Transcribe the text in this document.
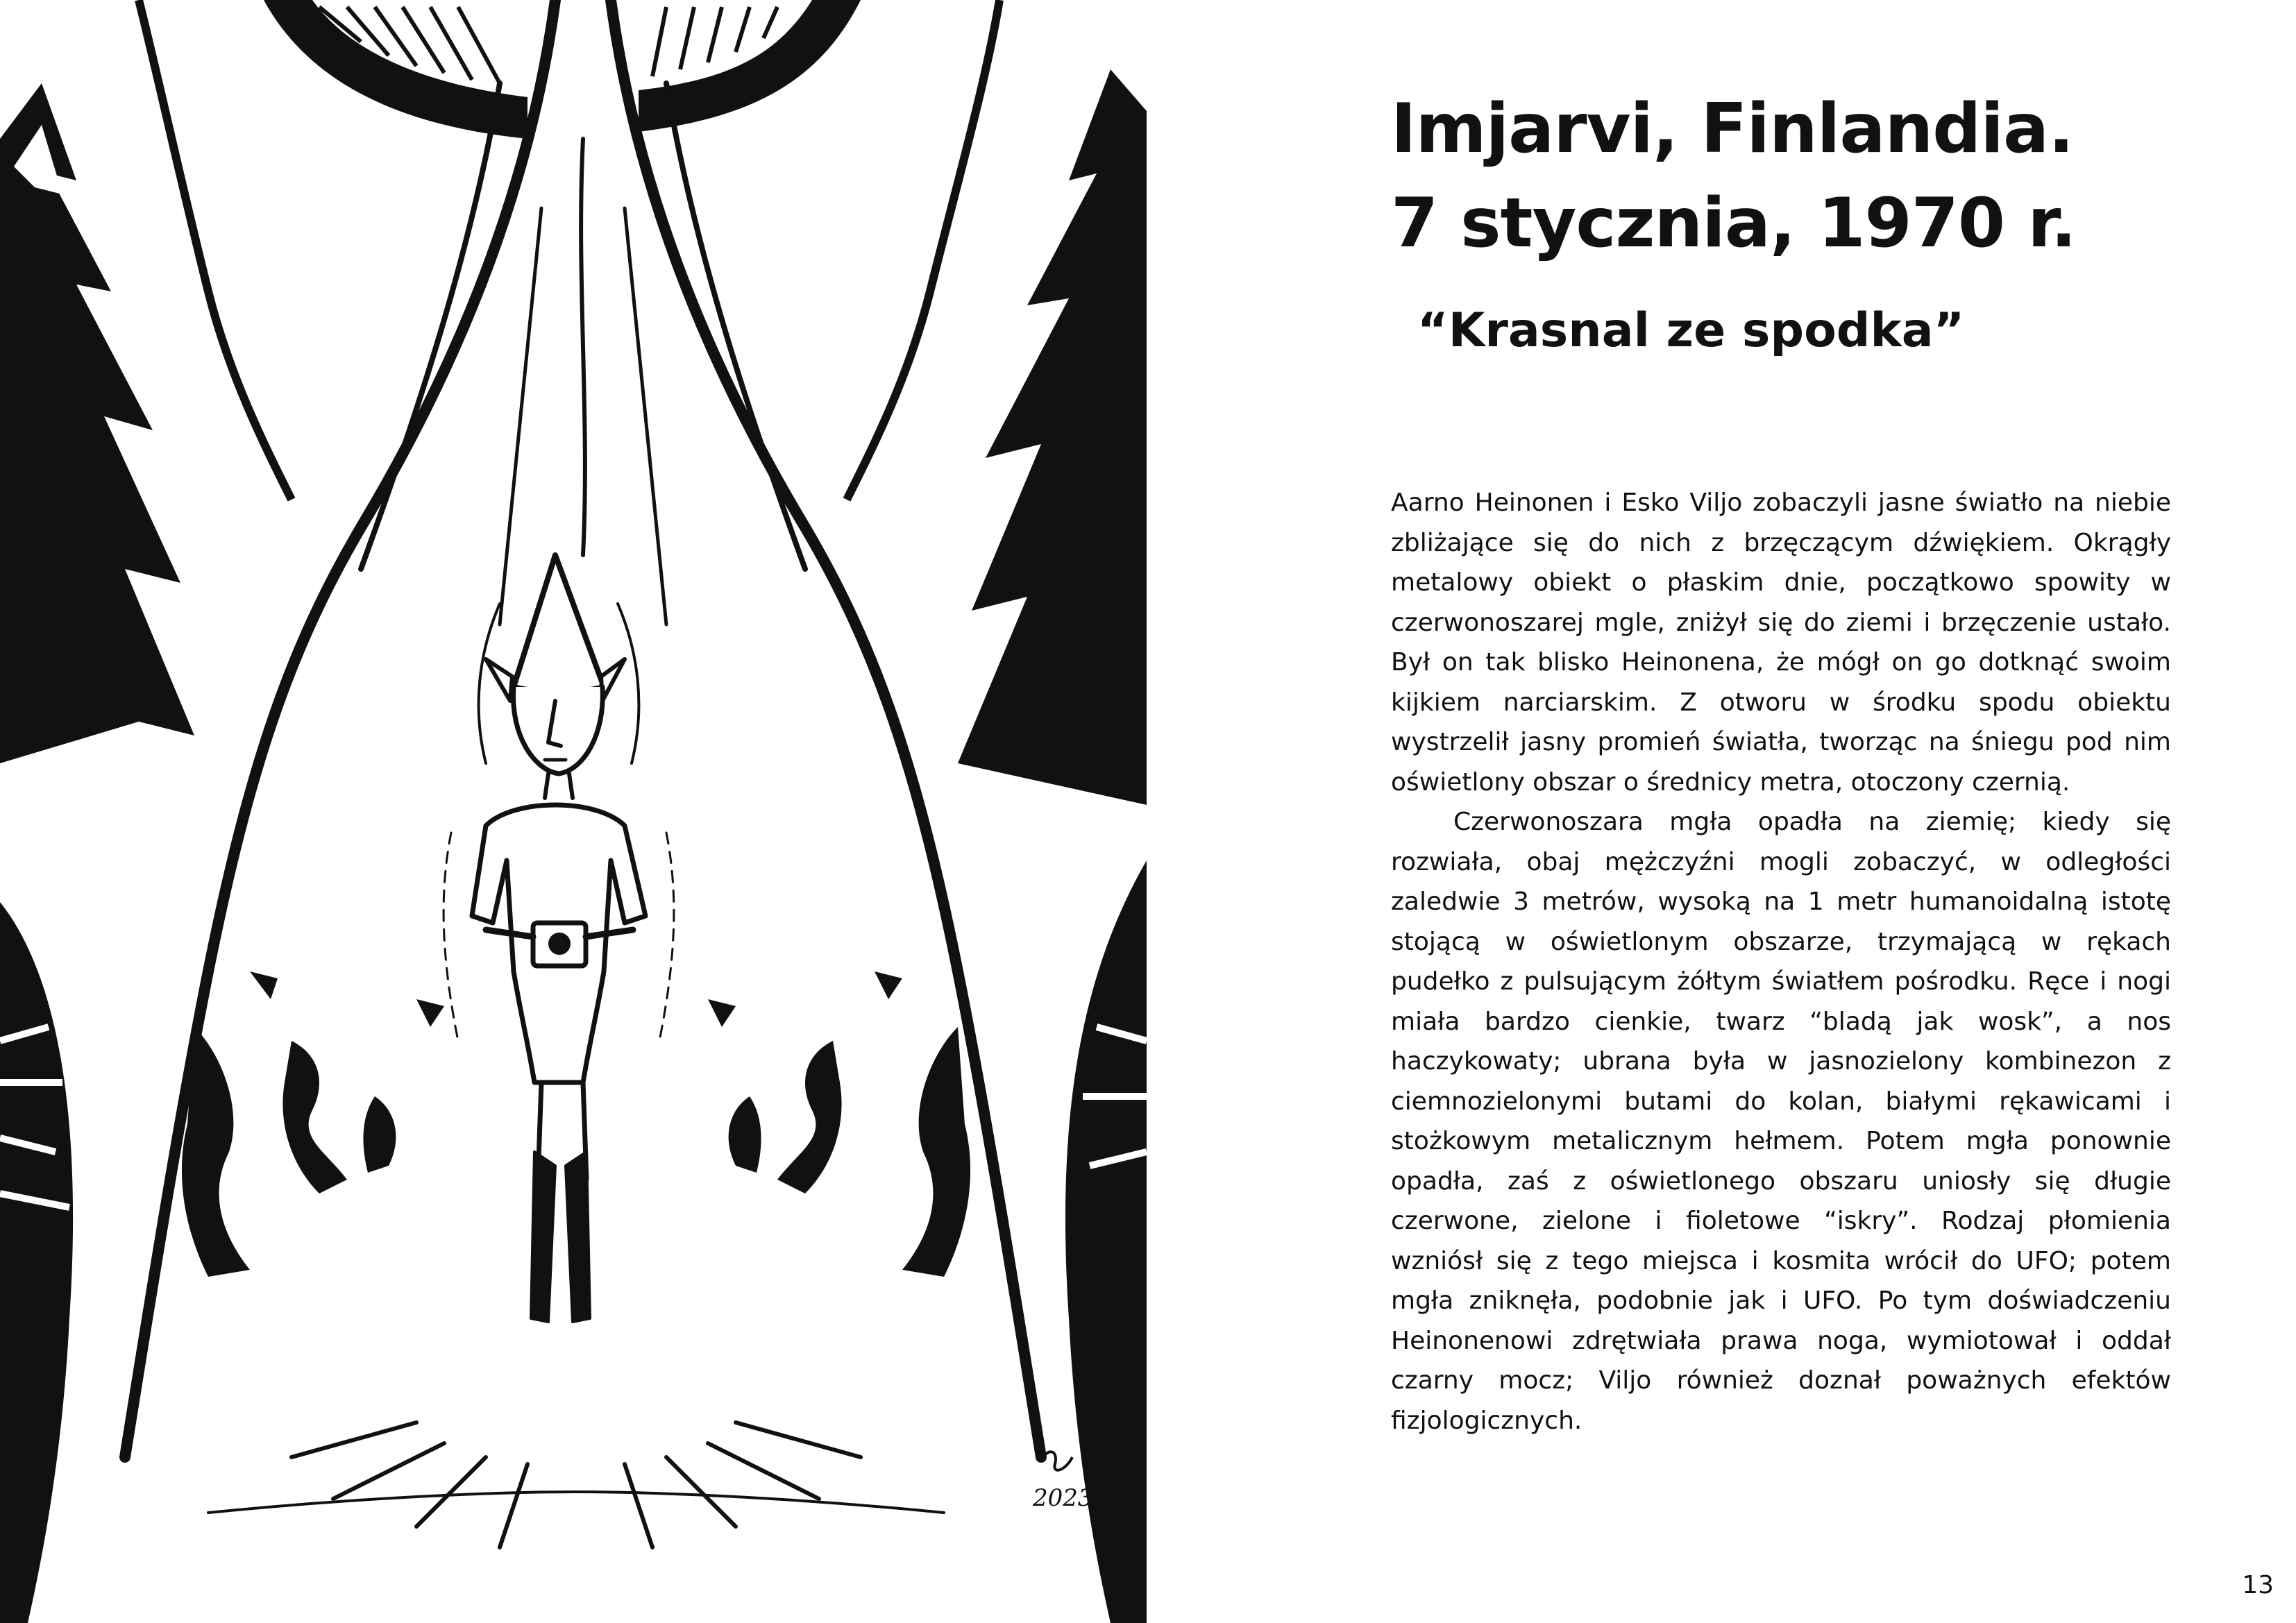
2023.
Imjarvi, Finlandia.
7 stycznia, 1970 r.
“Krasnal ze spodka”

Aarno Heinonen i Esko Viljo zobaczyli jasne światło na niebie zbliżające się do nich z brzęczącym dźwiękiem. Okrągły metalowy obiekt o płaskim dnie, początkowo spowity w czerwonoszarej mgle, zniżył się do ziemi i brzęczenie ustało. Był on tak blisko Heinonena, że mógł on go dotknąć swoim kijkiem narciarskim. Z otworu w środku spodu obiektu wystrzelił jasny promień światła, tworząc na śniegu pod nim oświetlony obszar o średnicy metra, otoczony czernią.

Czerwonoszara mgła opadła na ziemię; kiedy się rozwiała, obaj mężczyźni mogli zobaczyć, w odległości zaledwie 3 metrów, wysoką na 1 metr humanoidalną istotę stojącą w oświetlonym obszarze, trzymającą w rękach pudełko z pulsującym żółtym światłem pośrodku. Ręce i nogi miała bardzo cienkie, twarz “bladą jak wosk”, a nos haczykowaty; ubrana była w jasnozielony kombinezon z ciemnozielonymi butami do kolan, białymi rękawicami i stożkowym metalicznym hełmem. Potem mgła ponownie opadła, zaś z oświetlonego obszaru uniosły się długie czerwone, zielone i fioletowe “iskry”. Rodzaj płomienia wzniósł się z tego miejsca i kosmita wrócił do UFO; potem mgła zniknęła, podobnie jak i UFO. Po tym doświadczeniu Heinonenowi zdrętwiała prawa noga, wymiotował i oddał czarny mocz; Viljo również doznał poważnych efektów fizjologicznych.

13
